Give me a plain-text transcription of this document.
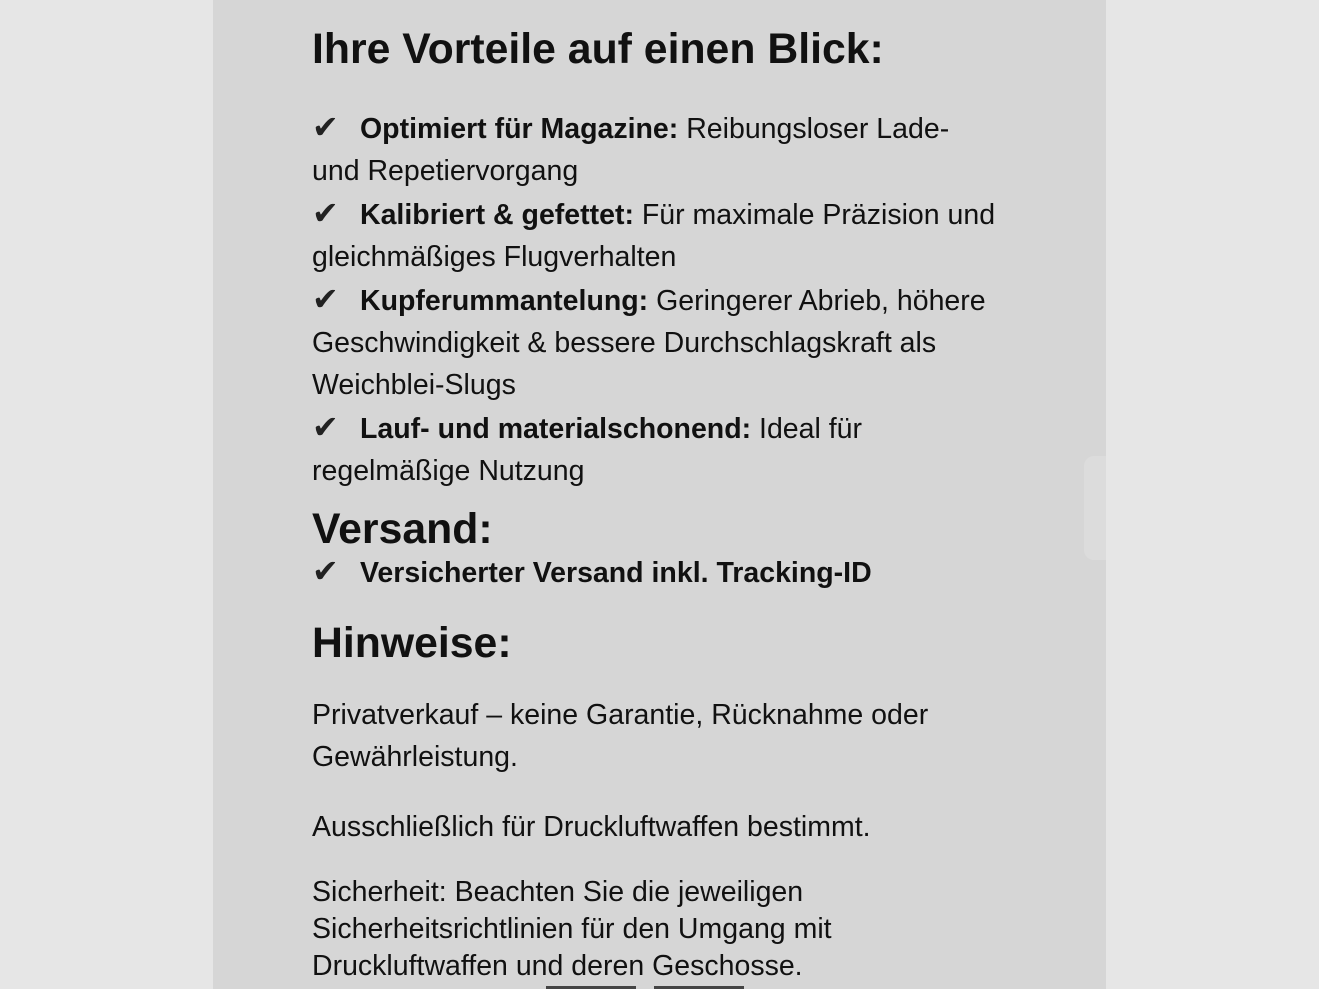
Ihre Vorteile auf einen Blick:
✔ Optimiert für Magazine: Reibungsloser Lade- und Repetiervorgang
✔ Kalibriert & gefettet: Für maximale Präzision und gleichmäßiges Flugverhalten
✔ Kupferummantelung: Geringerer Abrieb, höhere Geschwindigkeit & bessere Durchschlagskraft als Weichblei-Slugs
✔ Lauf- und materialschonend: Ideal für regelmäßige Nutzung
Versand:
✔ Versicherter Versand inkl. Tracking-ID
Hinweise:

Privatverkauf – keine Garantie, Rücknahme oder Gewährleistung.

Ausschließlich für Druckluftwaffen bestimmt.

Sicherheit: Beachten Sie die jeweiligen Sicherheitsrichtlinien für den Umgang mit Druckluftwaffen und deren Geschosse.
